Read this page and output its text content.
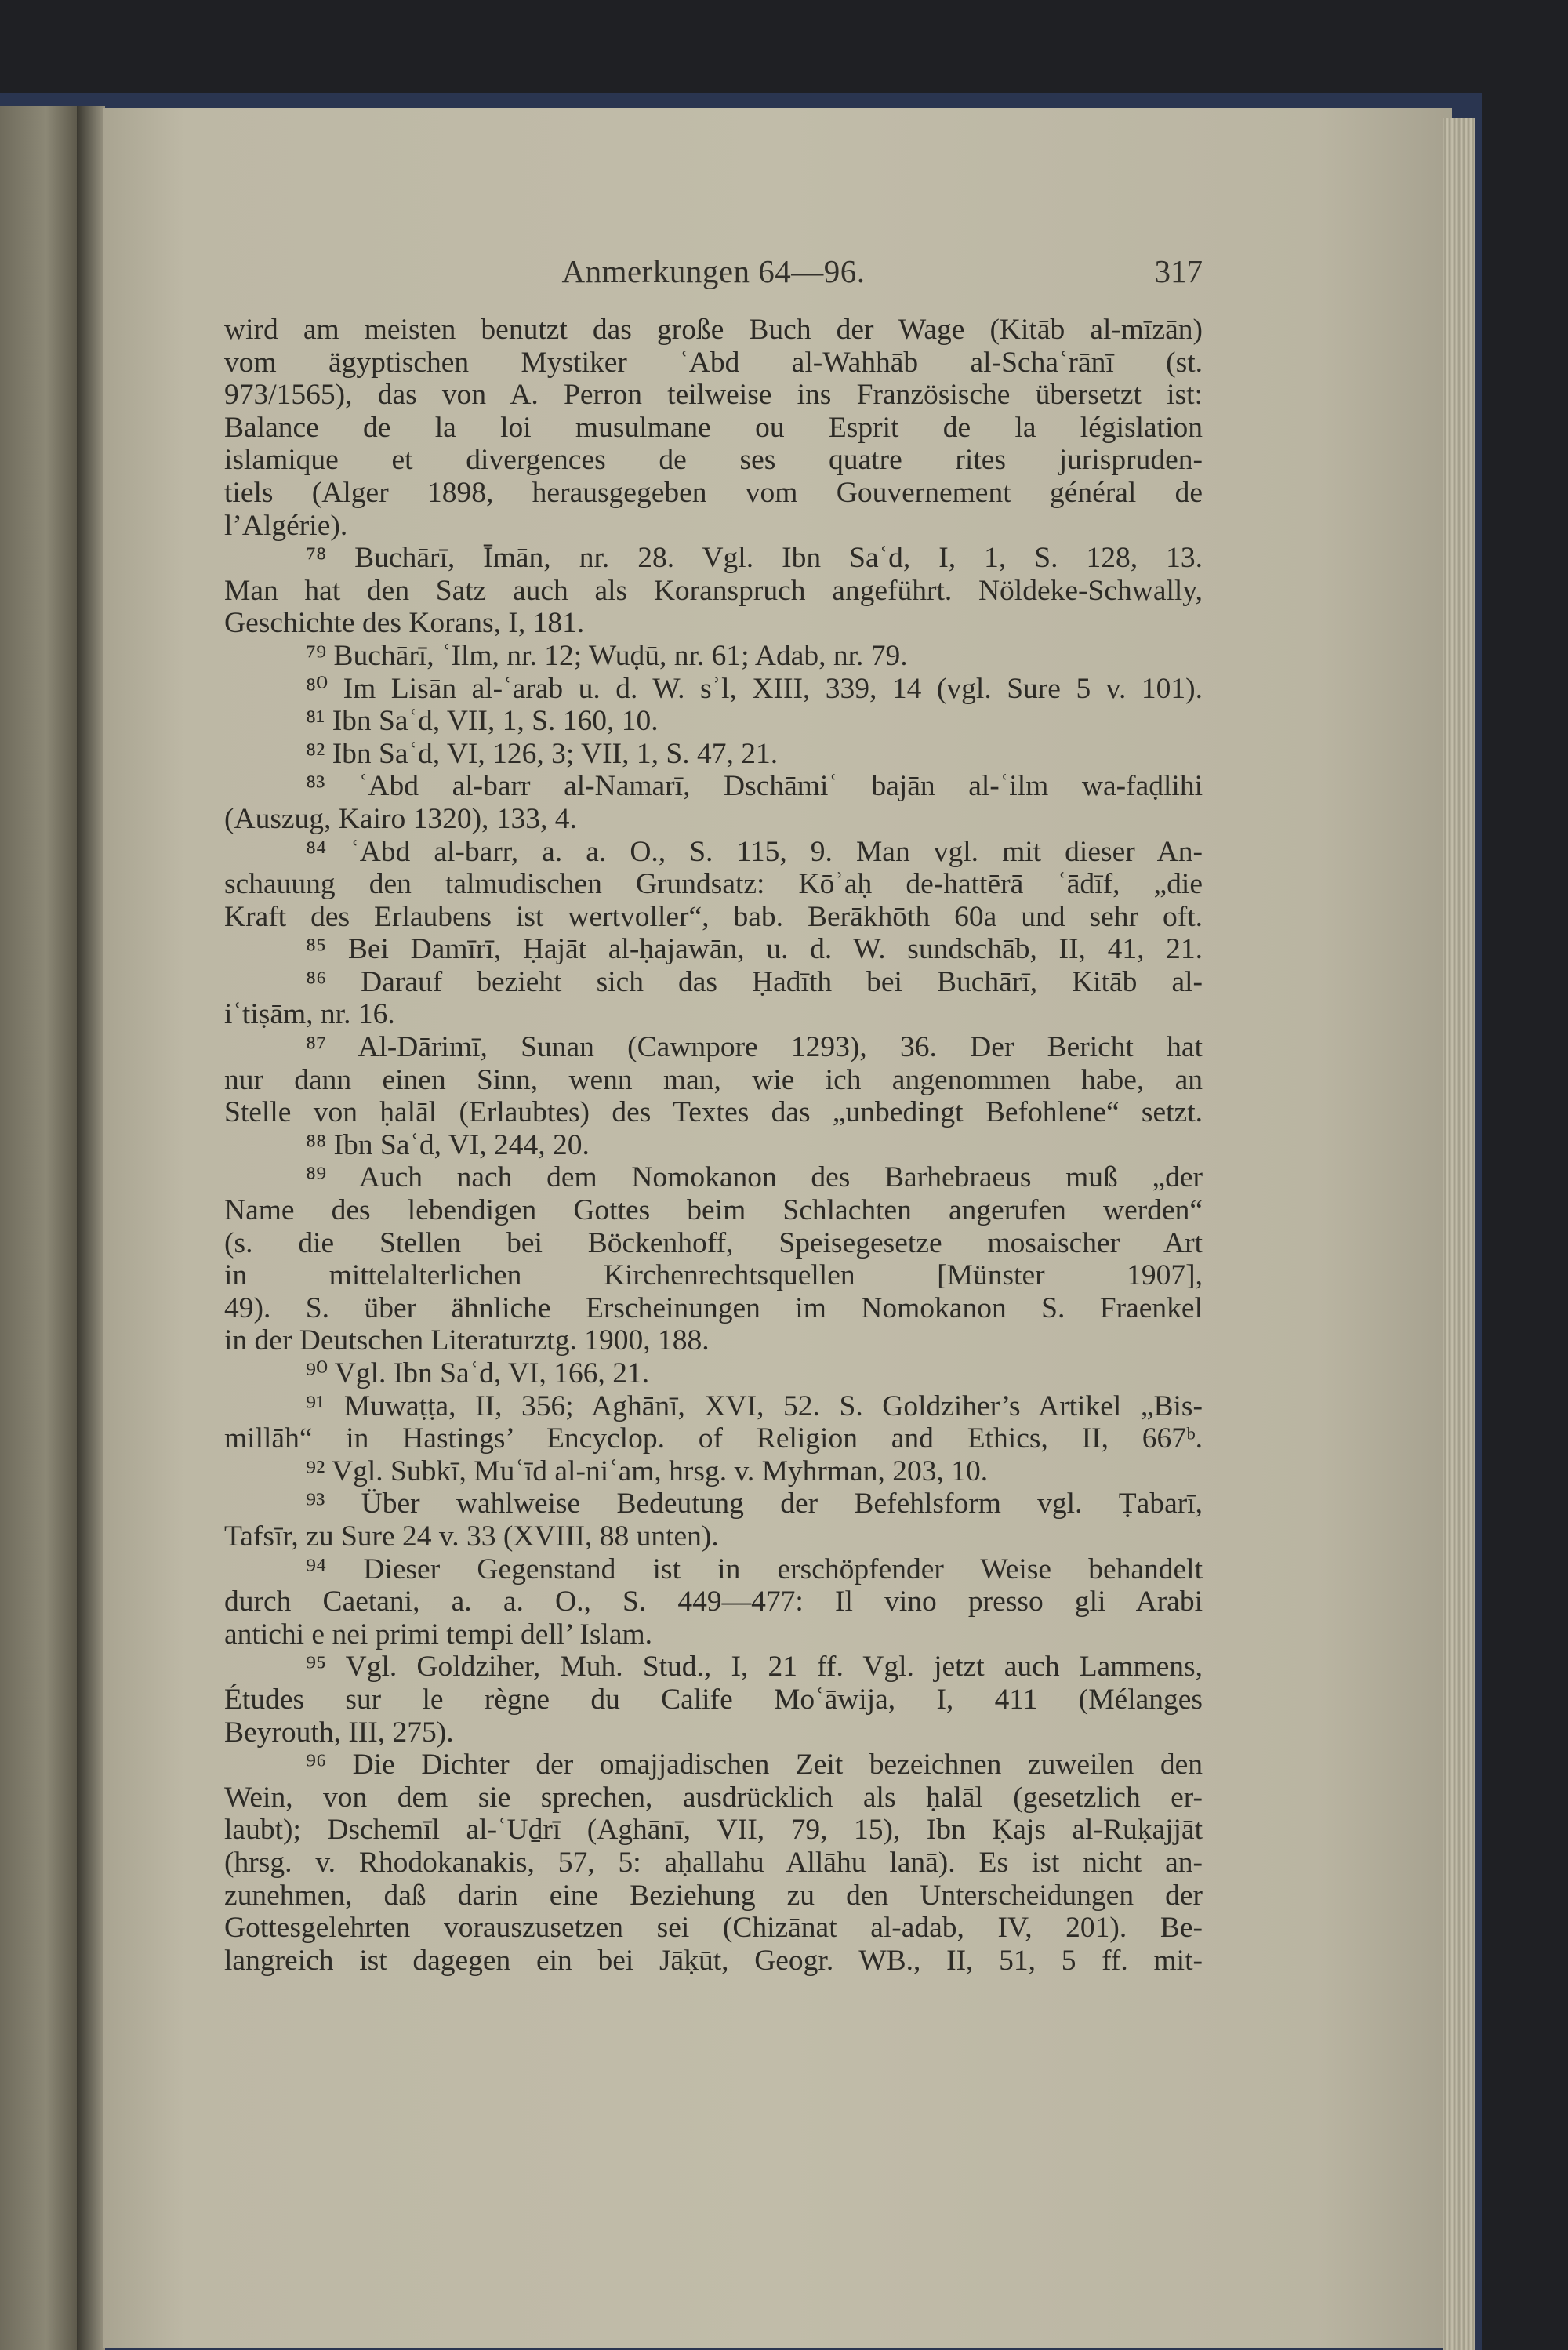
Anmerkungen 64—96.	317
wird am meisten benutzt das große Buch der Wage (Kitāb al-mīzān)
vom ägyptischen Mystiker ʿAbd al-Wahhāb al-Schaʿrānī (st.
973/1565), das von A. Perron teilweise ins Französische übersetzt ist:
Balance de la loi musulmane ou Esprit de la législation
islamique et divergences de ses quatre rites jurispruden-
tiels (Alger 1898, herausgegeben vom Gouvernement général de
l’Algérie).
⁷⁸ Buchārī, Īmān, nr. 28. Vgl. Ibn Saʿd, I, 1, S. 128, 13.
Man hat den Satz auch als Koranspruch angeführt. Nöldeke-Schwally,
Geschichte des Korans, I, 181.
⁷⁹ Buchārī, ʿIlm, nr. 12; Wuḍū, nr. 61; Adab, nr. 79.
⁸⁰ Im Lisān al-ʿarab u. d. W. sʾl, XIII, 339, 14 (vgl. Sure 5 v. 101).
⁸¹ Ibn Saʿd, VII, 1, S. 160, 10.
⁸² Ibn Saʿd, VI, 126, 3; VII, 1, S. 47, 21.
⁸³ ʿAbd al-barr al-Namarī, Dschāmiʿ bajān al-ʿilm wa-faḍlihi
(Auszug, Kairo 1320), 133, 4.
⁸⁴ ʿAbd al-barr, a. a. O., S. 115, 9. Man vgl. mit dieser An-
schauung den talmudischen Grundsatz: Kōʾaḥ de-hattērā ʿādīf, „die
Kraft des Erlaubens ist wertvoller“, bab. Berākhōth 60a und sehr oft.
⁸⁵ Bei Damīrī, Ḥajāt al-ḥajawān, u. d. W. sundschāb, II, 41, 21.
⁸⁶ Darauf bezieht sich das Ḥadīth bei Buchārī, Kitāb al-
iʿtiṣām, nr. 16.
⁸⁷ Al-Dārimī, Sunan (Cawnpore 1293), 36. Der Bericht hat
nur dann einen Sinn, wenn man, wie ich angenommen habe, an
Stelle von ḥalāl (Erlaubtes) des Textes das „unbedingt Befohlene“ setzt.
⁸⁸ Ibn Saʿd, VI, 244, 20.
⁸⁹ Auch nach dem Nomokanon des Barhebraeus muß „der
Name des lebendigen Gottes beim Schlachten angerufen werden“
(s. die Stellen bei Böckenhoff, Speisegesetze mosaischer Art
in mittelalterlichen Kirchenrechtsquellen [Münster 1907],
49). S. über ähnliche Erscheinungen im Nomokanon S. Fraenkel
in der Deutschen Literaturztg. 1900, 188.
⁹⁰ Vgl. Ibn Saʿd, VI, 166, 21.
⁹¹ Muwaṭṭa, II, 356; Aghānī, XVI, 52. S. Goldziher’s Artikel „Bis-
millāh“ in Hastings’ Encyclop. of Religion and Ethics, II, 667ᵇ.
⁹² Vgl. Subkī, Muʿīd al-niʿam, hrsg. v. Myhrman, 203, 10.
⁹³ Über wahlweise Bedeutung der Befehlsform vgl. Ṭabarī,
Tafsīr, zu Sure 24 v. 33 (XVIII, 88 unten).
⁹⁴ Dieser Gegenstand ist in erschöpfender Weise behandelt
durch Caetani, a. a. O., S. 449—477: Il vino presso gli Arabi
antichi e nei primi tempi dell’ Islam.
⁹⁵ Vgl. Goldziher, Muh. Stud., I, 21 ff. Vgl. jetzt auch Lammens,
Études sur le règne du Calife Moʿāwija, I, 411 (Mélanges
Beyrouth, III, 275).
⁹⁶ Die Dichter der omajjadischen Zeit bezeichnen zuweilen den
Wein, von dem sie sprechen, ausdrücklich als ḥalāl (gesetzlich er-
laubt); Dschemīl al-ʿUḏrī (Aghānī, VII, 79, 15), Ibn Ḳajs al-Ruḳajjāt
(hrsg. v. Rhodokanakis, 57, 5: aḥallahu Allāhu lanā). Es ist nicht an-
zunehmen, daß darin eine Beziehung zu den Unterscheidungen der
Gottesgelehrten vorauszusetzen sei (Chizānat al-adab, IV, 201). Be-
langreich ist dagegen ein bei Jāḳūt, Geogr. WB., II, 51, 5 ff. mit-
